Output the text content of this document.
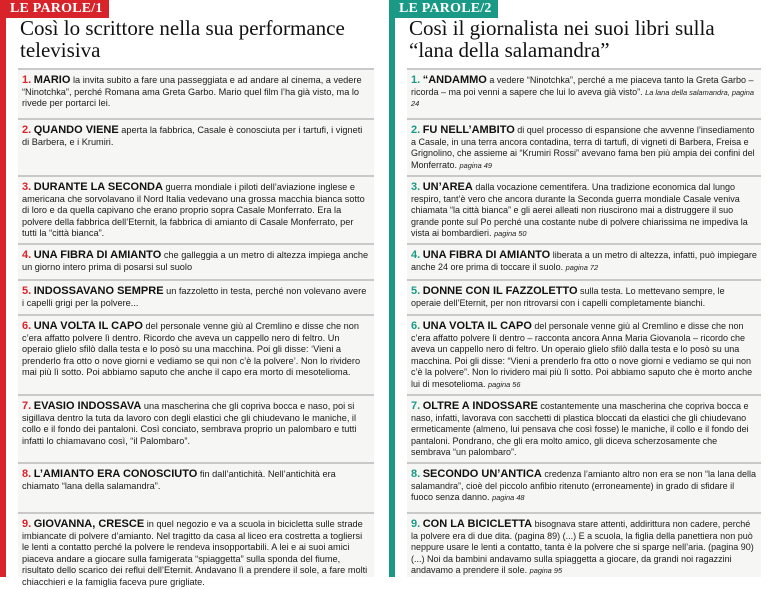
LE PAROLE/1
Così lo scrittore nella sua performance televisiva
1. MARIO la invita subito a fare una passeggiata e ad andare al cinema, a vedere “Ninotchka”, perché Romana ama Greta Garbo. Mario quel film l’ha già visto, ma lo rivede per portarci lei.
2. QUANDO VIENE aperta la fabbrica, Casale è conosciuta per i tartufi, i vigneti di Barbera, e i Krumiri.
3. DURANTE LA SECONDA guerra mondiale i piloti dell’aviazione inglese e americana che sorvolavano il Nord Italia vedevano una grossa macchia bianca sotto di loro e da quella capivano che erano proprio sopra Casale Monferrato. Era la polvere della fabbrica dell’Eternit, la fabbrica di amianto di Casale Monferrato, per tutti la “città bianca”.
4. UNA FIBRA DI AMIANTO che galleggia a un metro di altezza impiega anche un giorno intero prima di posarsi sul suolo
5. INDOSSAVANO SEMPRE un fazzoletto in testa, perché non volevano avere i capelli grigi per la polvere...
6. UNA VOLTA IL CAPO del personale venne giù al Cremlino e disse che non c’era affatto polvere lì dentro. Ricordo che aveva un cappello nero di feltro. Un operaio glielo sfilò dalla testa e lo posò su una macchina. Poi gli disse: ‘Vieni a prenderlo fra otto o nove giorni e vediamo se qui non c’è la polvere’. Non lo rividero mai più lì sotto. Poi abbiamo saputo che anche il capo era morto di mesotelioma.
7. EVASIO INDOSSAVA una mascherina che gli copriva bocca e naso, poi si sigillava dentro la tuta da lavoro con degli elastici che gli chiudevano le maniche, il collo e il fondo dei pantaloni. Così conciato, sembrava proprio un palombaro e tutti infatti lo chiamavano così, “il Palombaro”.
8. L’AMIANTO ERA CONOSCIUTO fin dall’antichità. Nell’antichità era chiamato “lana della salamandra”.
9. GIOVANNA, CRESCE in quel negozio e va a scuola in bicicletta sulle strade imbiancate di polvere d’amianto. Nel tragitto da casa al liceo era costretta a togliersi le lenti a contatto perché la polvere le rendeva insopportabili. A lei e ai suoi amici piaceva andare a giocare sulla famigerata “spiaggetta” sulla sponda del fiume, risultato dello scarico dei reflui dell’Eternit. Andavano lì a prendere il sole, a fare molti chiacchieri e la famiglia faceva pure grigliate.
LE PAROLE/2
Così il giornalista nei suoi libri sulla “lana della salamandra”
1. “ANDAMMO a vedere “Ninotchka”, perché a me piaceva tanto la Greta Garbo – ricorda – ma poi venni a sapere che lui lo aveva già visto”. La lana della salamandra, pagina 24
2. FU NELL’AMBITO di quel processo di espansione che avvenne l’insediamento a Casale, in una terra ancora contadina, terra di tartufi, di vigneti di Barbera, Freisa e Grignolino, che assieme ai “Krumiri Rossi” avevano fama ben più ampia dei confini del Monferrato. pagina 49
3. UN’AREA dalla vocazione cementifera. Una tradizione economica dal lungo respiro, tant’è vero che ancora durante la Seconda guerra mondiale Casale veniva chiamata “la città bianca” e gli aerei alleati non riuscirono mai a distruggere il suo grande ponte sul Po perché una costante nube di polvere chiarissima ne impediva la vista ai bombardieri. pagina 50
4. UNA FIBRA DI AMIANTO liberata a un metro di altezza, infatti, può impiegare anche 24 ore prima di toccare il suolo. pagina 72
5. DONNE CON IL FAZZOLETTO sulla testa. Lo mettevano sempre, le operaie dell’Eternit, per non ritrovarsi con i capelli completamente bianchi.
6. UNA VOLTA IL CAPO del personale venne giù al Cremlino e disse che non c’era affatto polvere lì dentro – racconta ancora Anna Maria Giovanola – ricordo che aveva un cappello nero di feltro. Un operaio glielo sfilò dalla testa e lo posò su una macchina. Poi gli disse: “Vieni a prenderlo fra otto o nove giorni e vediamo se qui non c’è la polvere”. Non lo rividero mai più lì sotto. Poi abbiamo saputo che è morto anche lui di mesotelioma. pagina 56
7. OLTRE A INDOSSARE costantemente una mascherina che copriva bocca e naso, infatti, lavorava con sacchetti di plastica bloccati da elastici che gli chiudevano ermeticamente (almeno, lui pensava che così fosse) le maniche, il collo e il fondo dei pantaloni. Pondrano, che gli era molto amico, gli diceva scherzosamente che sembrava “un palombaro”.
8. SECONDO UN’ANTICA credenza l’amianto altro non era se non “la lana della salamandra”, cioè del piccolo anfibio ritenuto (erroneamente) in grado di sfidare il fuoco senza danno. pagina 48
9. CON LA BICICLETTA bisognava stare attenti, addirittura non cadere, perché la polvere era di due dita. (pagina 89) (...) E a scuola, la figlia della panettiera non può neppure usare le lenti a contatto, tanta è la polvere che si sparge nell’aria. (pagina 90) (...) Noi da bambini andavamo sulla spiaggetta a giocare, da grandi noi ragazzini andavamo a prendere il sole. pagina 95
